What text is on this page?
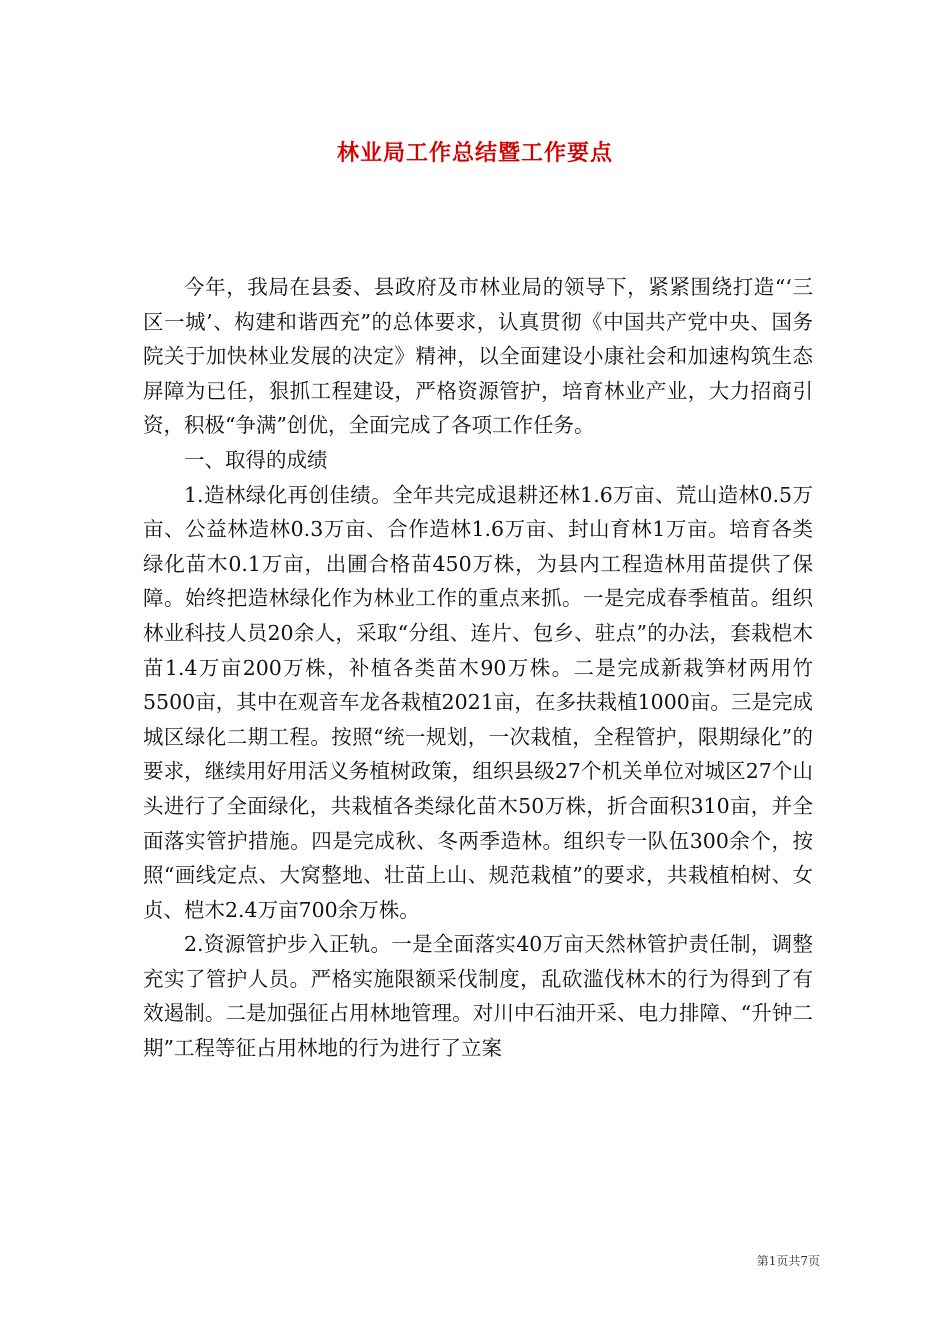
林业局工作总结暨工作要点

今年，我局在县委、县政府及市林业局的领导下，紧紧围绕打造“‘三区一城’、构建和谐西充”的总体要求，认真贯彻《中国共产党中央、国务院关于加快林业发展的决定》精神，以全面建设小康社会和加速构筑生态屏障为已任，狠抓工程建设，严格资源管护，培育林业产业，大力招商引资，积极“争满”创优，全面完成了各项工作任务。

一、取得的成绩

1.造林绿化再创佳绩。全年共完成退耕还林1.6万亩、荒山造林0.5万亩、公益林造林0.3万亩、合作造林1.6万亩、封山育林1万亩。培育各类绿化苗木0.1万亩，出圃合格苗450万株，为县内工程造林用苗提供了保障。始终把造林绿化作为林业工作的重点来抓。一是完成春季植苗。组织林业科技人员20余人，采取“分组、连片、包乡、驻点”的办法，套栽桤木苗1.4万亩200万株，补植各类苗木90万株。二是完成新栽笋材两用竹5500亩，其中在观音车龙各栽植2021亩，在多扶栽植1000亩。三是完成城区绿化二期工程。按照“统一规划，一次栽植，全程管护，限期绿化”的要求，继续用好用活义务植树政策，组织县级27个机关单位对城区27个山头进行了全面绿化，共栽植各类绿化苗木50万株，折合面积310亩，并全面落实管护措施。四是完成秋、冬两季造林。组织专一队伍300余个，按照“画线定点、大窝整地、壮苗上山、规范栽植”的要求，共栽植柏树、女贞、桤木2.4万亩700余万株。

2.资源管护步入正轨。一是全面落实40万亩天然林管护责任制，调整充实了管护人员。严格实施限额采伐制度，乱砍滥伐林木的行为得到了有效遏制。二是加强征占用林地管理。对川中石油开采、电力排障、“升钟二期”工程等征占用林地的行为进行了立案

第1页共7页
